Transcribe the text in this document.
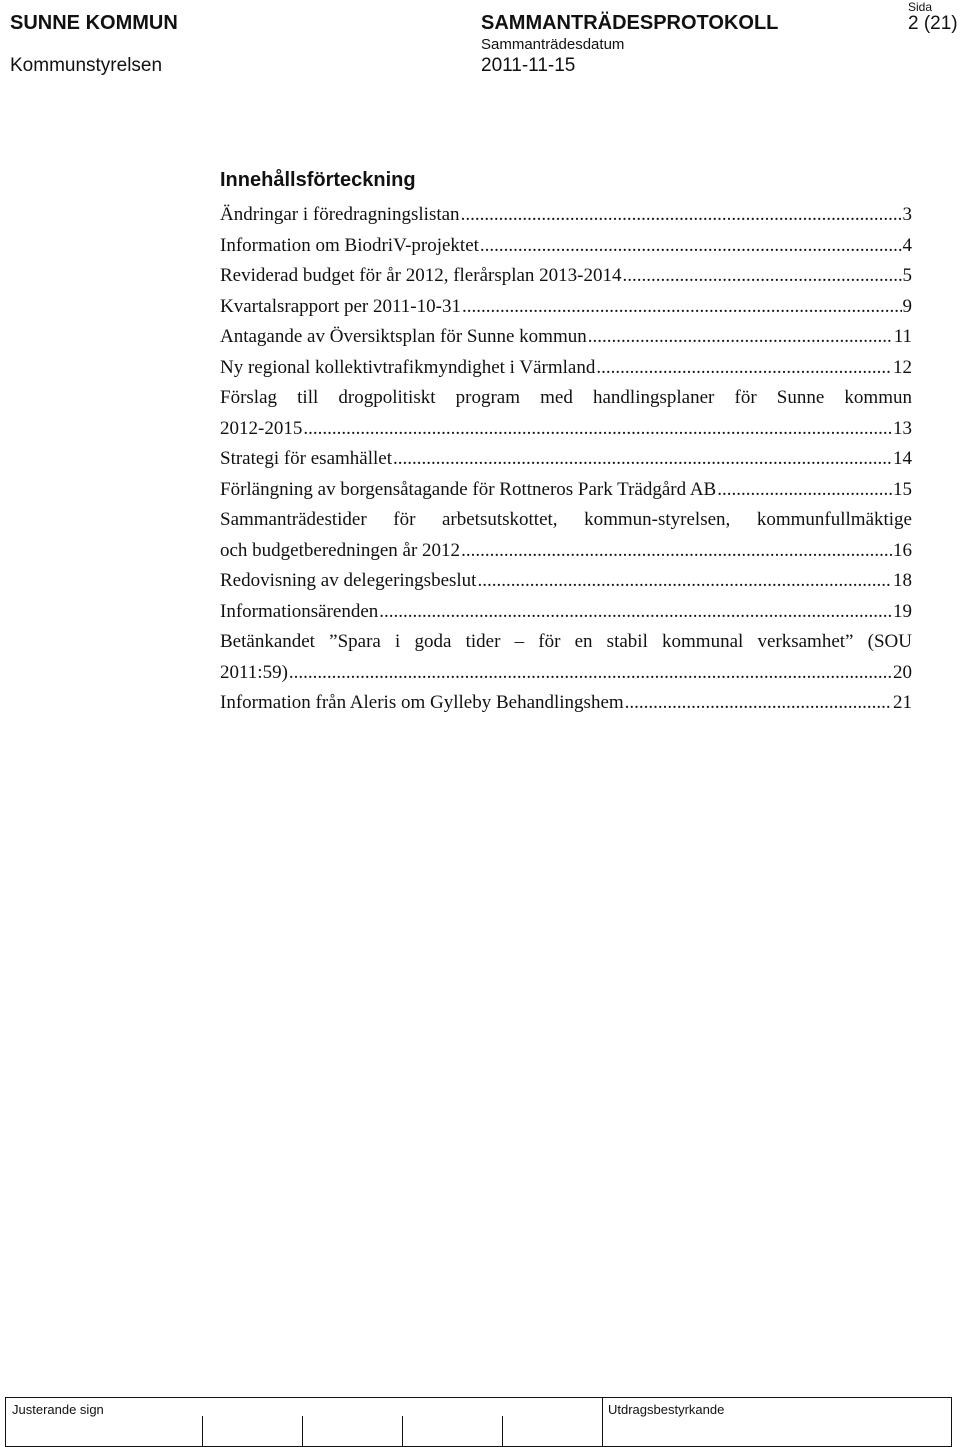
SUNNE KOMMUN
Kommunstyrelsen
SAMMANTRÄDESPROTOKOLL
Sammanträdesdatum
2011-11-15
Sida
2 (21)
Innehållsförteckning
Ändringar i föredragningslistan .....	3
Information om BiodriV-projektet .....	4
Reviderad budget för år 2012, flerårsplan 2013-2014 .....	5
Kvartalsrapport per 2011-10-31 .....	9
Antagande av Översiktsplan för Sunne kommun .....	11
Ny regional kollektivtrafikmyndighet i Värmland .....	12
Förslag till drogpolitiskt program med handlingsplaner för Sunne kommun
2012-2015 .....	13
Strategi för esamhället .....	14
Förlängning av borgensåtagande för Rottneros Park Trädgård AB .....	15
Sammanträdestider för arbetsutskottet, kommun-styrelsen, kommunfullmäktige
och budgetberedningen år 2012 .....	16
Redovisning av delegeringsbeslut .....	18
Informationsärenden .....	19
Betänkandet ”Spara i goda tider – för en stabil kommunal verksamhet” (SOU
2011:59) .....	20
Information från Aleris om Gylleby Behandlingshem .....	21
Justerande sign	Utdragsbestyrkande
